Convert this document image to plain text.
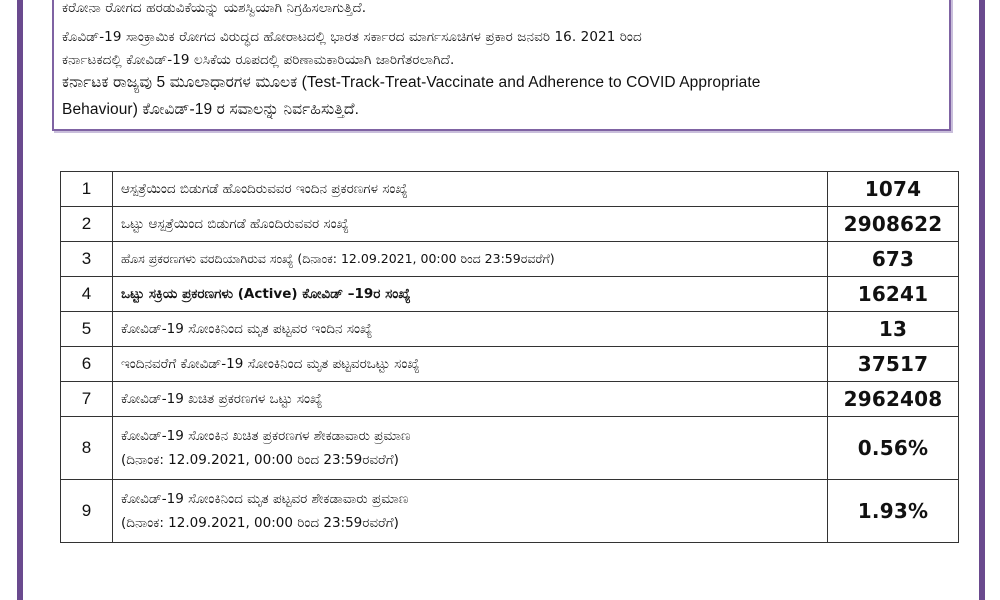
ಕರೋನಾ ರೋಗದ ಹರಡುವಿಕೆಯನ್ನು ಯಶಸ್ವಿಯಾಗಿ ನಿಗ್ರಹಿಸಲಾಗುತ್ತಿದೆ.
ಕೊವಿಡ್-19 ಸಾಂಕ್ರಾಮಿಕ ರೋಗದ ವಿರುದ್ಧದ ಹೋರಾಟದಲ್ಲಿ ಭಾರತ ಸರ್ಕಾರದ ಮಾರ್ಗಸೂಚಿಗಳ ಪ್ರಕಾರ ಜನವರಿ 16. 2021 ರಿಂದ
ಕರ್ನಾಟಕದಲ್ಲಿ ಕೋವಿಡ್-19 ಲಸಿಕೆಯ ರೂಪದಲ್ಲಿ ಪರಿಣಾಮಕಾರಿಯಾಗಿ ಜಾರಿಗೆತರಲಾಗಿದೆ.
ಕರ್ನಾಟಕ ರಾಜ್ಯವು 5 ಮೂಲಾಧಾರಗಳ ಮೂಲಕ (Test-Track-Treat-Vaccinate and Adherence to COVID Appropriate
Behaviour) ಕೋವಿಡ್-19 ರ ಸವಾಲನ್ನು ನಿರ್ವಹಿಸುತ್ತಿದೆ.
1	ಆಸ್ಪತ್ರೆಯಿಂದ ಬಿಡುಗಡೆ ಹೊಂದಿರುವವರ ಇಂದಿನ ಪ್ರಕರಣಗಳ ಸಂಖ್ಯೆ	1074
2	ಒಟ್ಟು ಆಸ್ಪತ್ರೆಯಿಂದ ಬಿಡುಗಡೆ ಹೊಂದಿರುವವರ ಸಂಖ್ಯೆ	2908622
3	ಹೊಸ ಪ್ರಕರಣಗಳು ವರದಿಯಾಗಿರುವ ಸಂಖ್ಯೆ (ದಿನಾಂಕ: 12.09.2021, 00:00 ರಿಂದ 23:59ರವರೆಗೆ)	673
4	ಒಟ್ಟು ಸಕ್ರಿಯ ಪ್ರಕರಣಗಳು (Active) ಕೋವಿಡ್ –19ರ ಸಂಖ್ಯೆ	16241
5	ಕೋವಿಡ್-19 ಸೋಂಕಿನಿಂದ ಮೃತ ಪಟ್ಟವರ ಇಂದಿನ ಸಂಖ್ಯೆ	13
6	ಇಂದಿನವರೆಗೆ ಕೋವಿಡ್-19 ಸೋಂಕಿನಿಂದ ಮೃತ ಪಟ್ಟವರಒಟ್ಟು ಸಂಖ್ಯೆ	37517
7	ಕೋವಿಡ್-19 ಖಚಿತ ಪ್ರಕರಣಗಳ ಒಟ್ಟು ಸಂಖ್ಯೆ	2962408
8	ಕೋವಿಡ್-19 ಸೋಂಕಿನ ಖಚಿತ ಪ್ರಕರಣಗಳ ಶೇಕಡಾವಾರು ಪ್ರಮಾಣ
(ದಿನಾಂಕ: 12.09.2021, 00:00 ರಿಂದ 23:59ರವರೆಗೆ)	0.56%
9	ಕೋವಿಡ್-19 ಸೋಂಕಿನಿಂದ ಮೃತ ಪಟ್ಟವರ ಶೇಕಡಾವಾರು ಪ್ರಮಾಣ
(ದಿನಾಂಕ: 12.09.2021, 00:00 ರಿಂದ 23:59ರವರೆಗೆ)	1.93%
